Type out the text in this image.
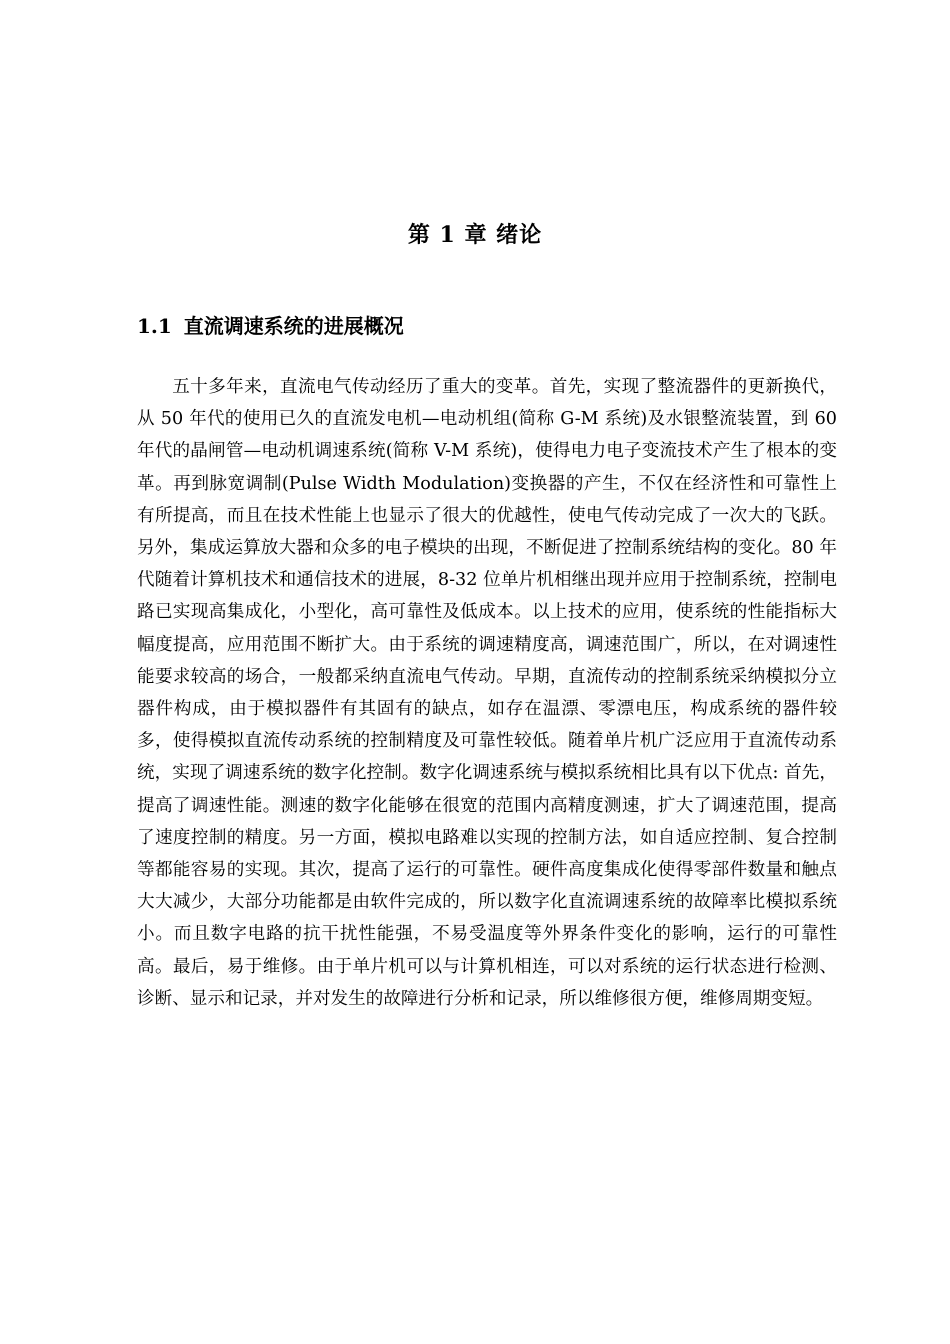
第 1 章 绪论
1.1 直流调速系统的进展概况

五十多年来，直流电气传动经历了重大的变革。首先，实现了整流器件的更新换代，从 50 年代的使用已久的直流发电机—电动机组(简称 G-M 系统)及水银整流装置，到 60 年代的晶闸管—电动机调速系统(简称 V-M 系统)，使得电力电子变流技术产生了根本的变革。再到脉宽调制(Pulse Width Modulation)变换器的产生，不仅在经济性和可靠性上有所提高，而且在技术性能上也显示了很大的优越性，使电气传动完成了一次大的飞跃。另外，集成运算放大器和众多的电子模块的出现，不断促进了控制系统结构的变化。80 年代随着计算机技术和通信技术的进展，8-32 位单片机相继出现并应用于控制系统，控制电路已实现高集成化，小型化，高可靠性及低成本。以上技术的应用，使系统的性能指标大幅度提高，应用范围不断扩大。由于系统的调速精度高，调速范围广，所以，在对调速性能要求较高的场合，一般都采纳直流电气传动。早期，直流传动的控制系统采纳模拟分立器件构成，由于模拟器件有其固有的缺点，如存在温漂、零漂电压，构成系统的器件较多，使得模拟直流传动系统的控制精度及可靠性较低。随着单片机广泛应用于直流传动系统，实现了调速系统的数字化控制。数字化调速系统与模拟系统相比具有以下优点: 首先，提高了调速性能。测速的数字化能够在很宽的范围内高精度测速，扩大了调速范围，提高了速度控制的精度。另一方面，模拟电路难以实现的控制方法，如自适应控制、复合控制等都能容易的实现。其次，提高了运行的可靠性。硬件高度集成化使得零部件数量和触点大大减少，大部分功能都是由软件完成的，所以数字化直流调速系统的故障率比模拟系统小。而且数字电路的抗干扰性能强，不易受温度等外界条件变化的影响，运行的可靠性高。最后，易于维修。由于单片机可以与计算机相连，可以对系统的运行状态进行检测、诊断、显示和记录，并对发生的故障进行分析和记录，所以维修很方便，维修周期变短。
